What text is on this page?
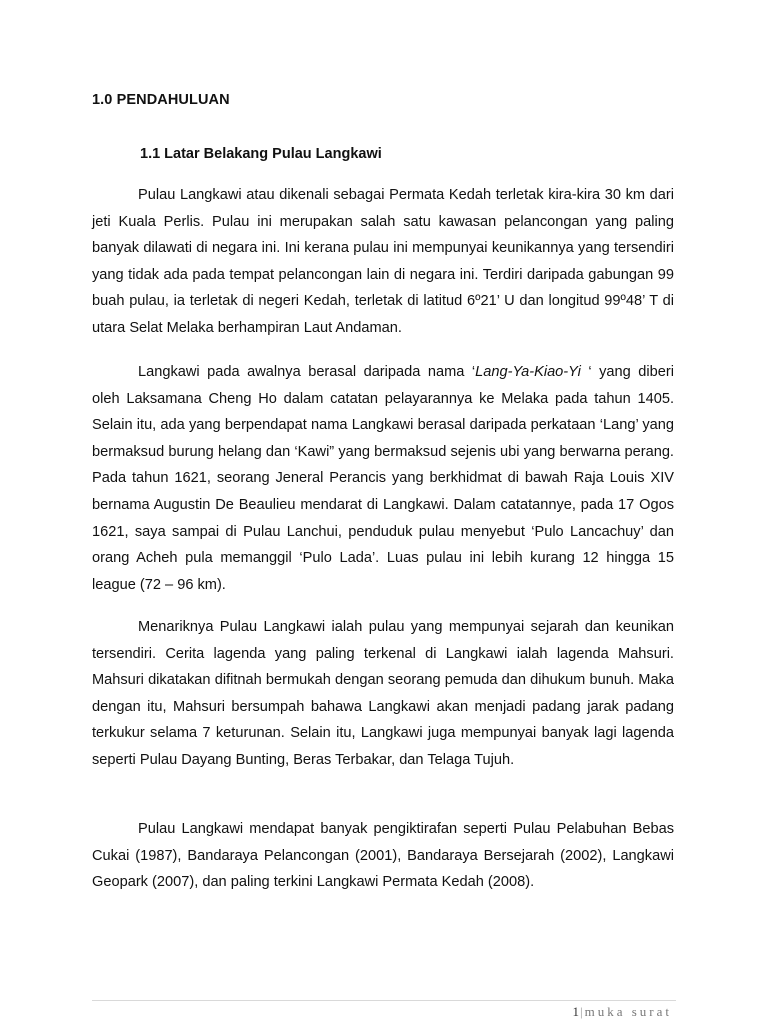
1.0 PENDAHULUAN
1.1 Latar Belakang Pulau Langkawi

Pulau Langkawi atau dikenali sebagai Permata Kedah terletak kira-kira 30 km dari jeti Kuala Perlis. Pulau ini merupakan salah satu kawasan pelancongan yang paling banyak dilawati di negara ini. Ini kerana pulau ini mempunyai keunikannya yang tersendiri yang tidak ada pada tempat pelancongan lain di negara ini. Terdiri daripada gabungan 99 buah pulau, ia terletak di negeri Kedah, terletak di latitud 6º21’ U dan longitud 99º48’ T di utara Selat Melaka berhampiran Laut Andaman.

Langkawi pada awalnya berasal daripada nama ‘Lang-Ya-Kiao-Yi ‘ yang diberi oleh Laksamana Cheng Ho dalam catatan pelayarannya ke Melaka pada tahun 1405. Selain itu, ada yang berpendapat nama Langkawi berasal daripada perkataan ‘Lang’ yang bermaksud burung helang dan ‘Kawi” yang bermaksud sejenis ubi yang berwarna perang. Pada tahun 1621, seorang Jeneral Perancis yang berkhidmat di bawah Raja Louis XIV bernama Augustin De Beaulieu mendarat di Langkawi. Dalam catatannye, pada 17 Ogos 1621, saya sampai di Pulau Lanchui, penduduk pulau menyebut ‘Pulo Lancachuy’ dan orang Acheh pula memanggil ‘Pulo Lada’. Luas pulau ini lebih kurang 12 hingga 15 league (72 – 96 km).

Menariknya Pulau Langkawi ialah pulau yang mempunyai sejarah dan keunikan tersendiri. Cerita lagenda yang paling terkenal di Langkawi ialah lagenda Mahsuri. Mahsuri dikatakan difitnah bermukah dengan seorang pemuda dan dihukum bunuh. Maka dengan itu, Mahsuri bersumpah bahawa Langkawi akan menjadi padang jarak padang terkukur selama 7 keturunan. Selain itu, Langkawi juga mempunyai banyak lagi lagenda seperti Pulau Dayang Bunting, Beras Terbakar, dan Telaga Tujuh.

Pulau Langkawi mendapat banyak pengiktirafan seperti Pulau Pelabuhan Bebas Cukai (1987), Bandaraya Pelancongan (2001), Bandaraya Bersejarah (2002), Langkawi Geopark (2007), dan paling terkini Langkawi Permata Kedah (2008).

1| muka surat
